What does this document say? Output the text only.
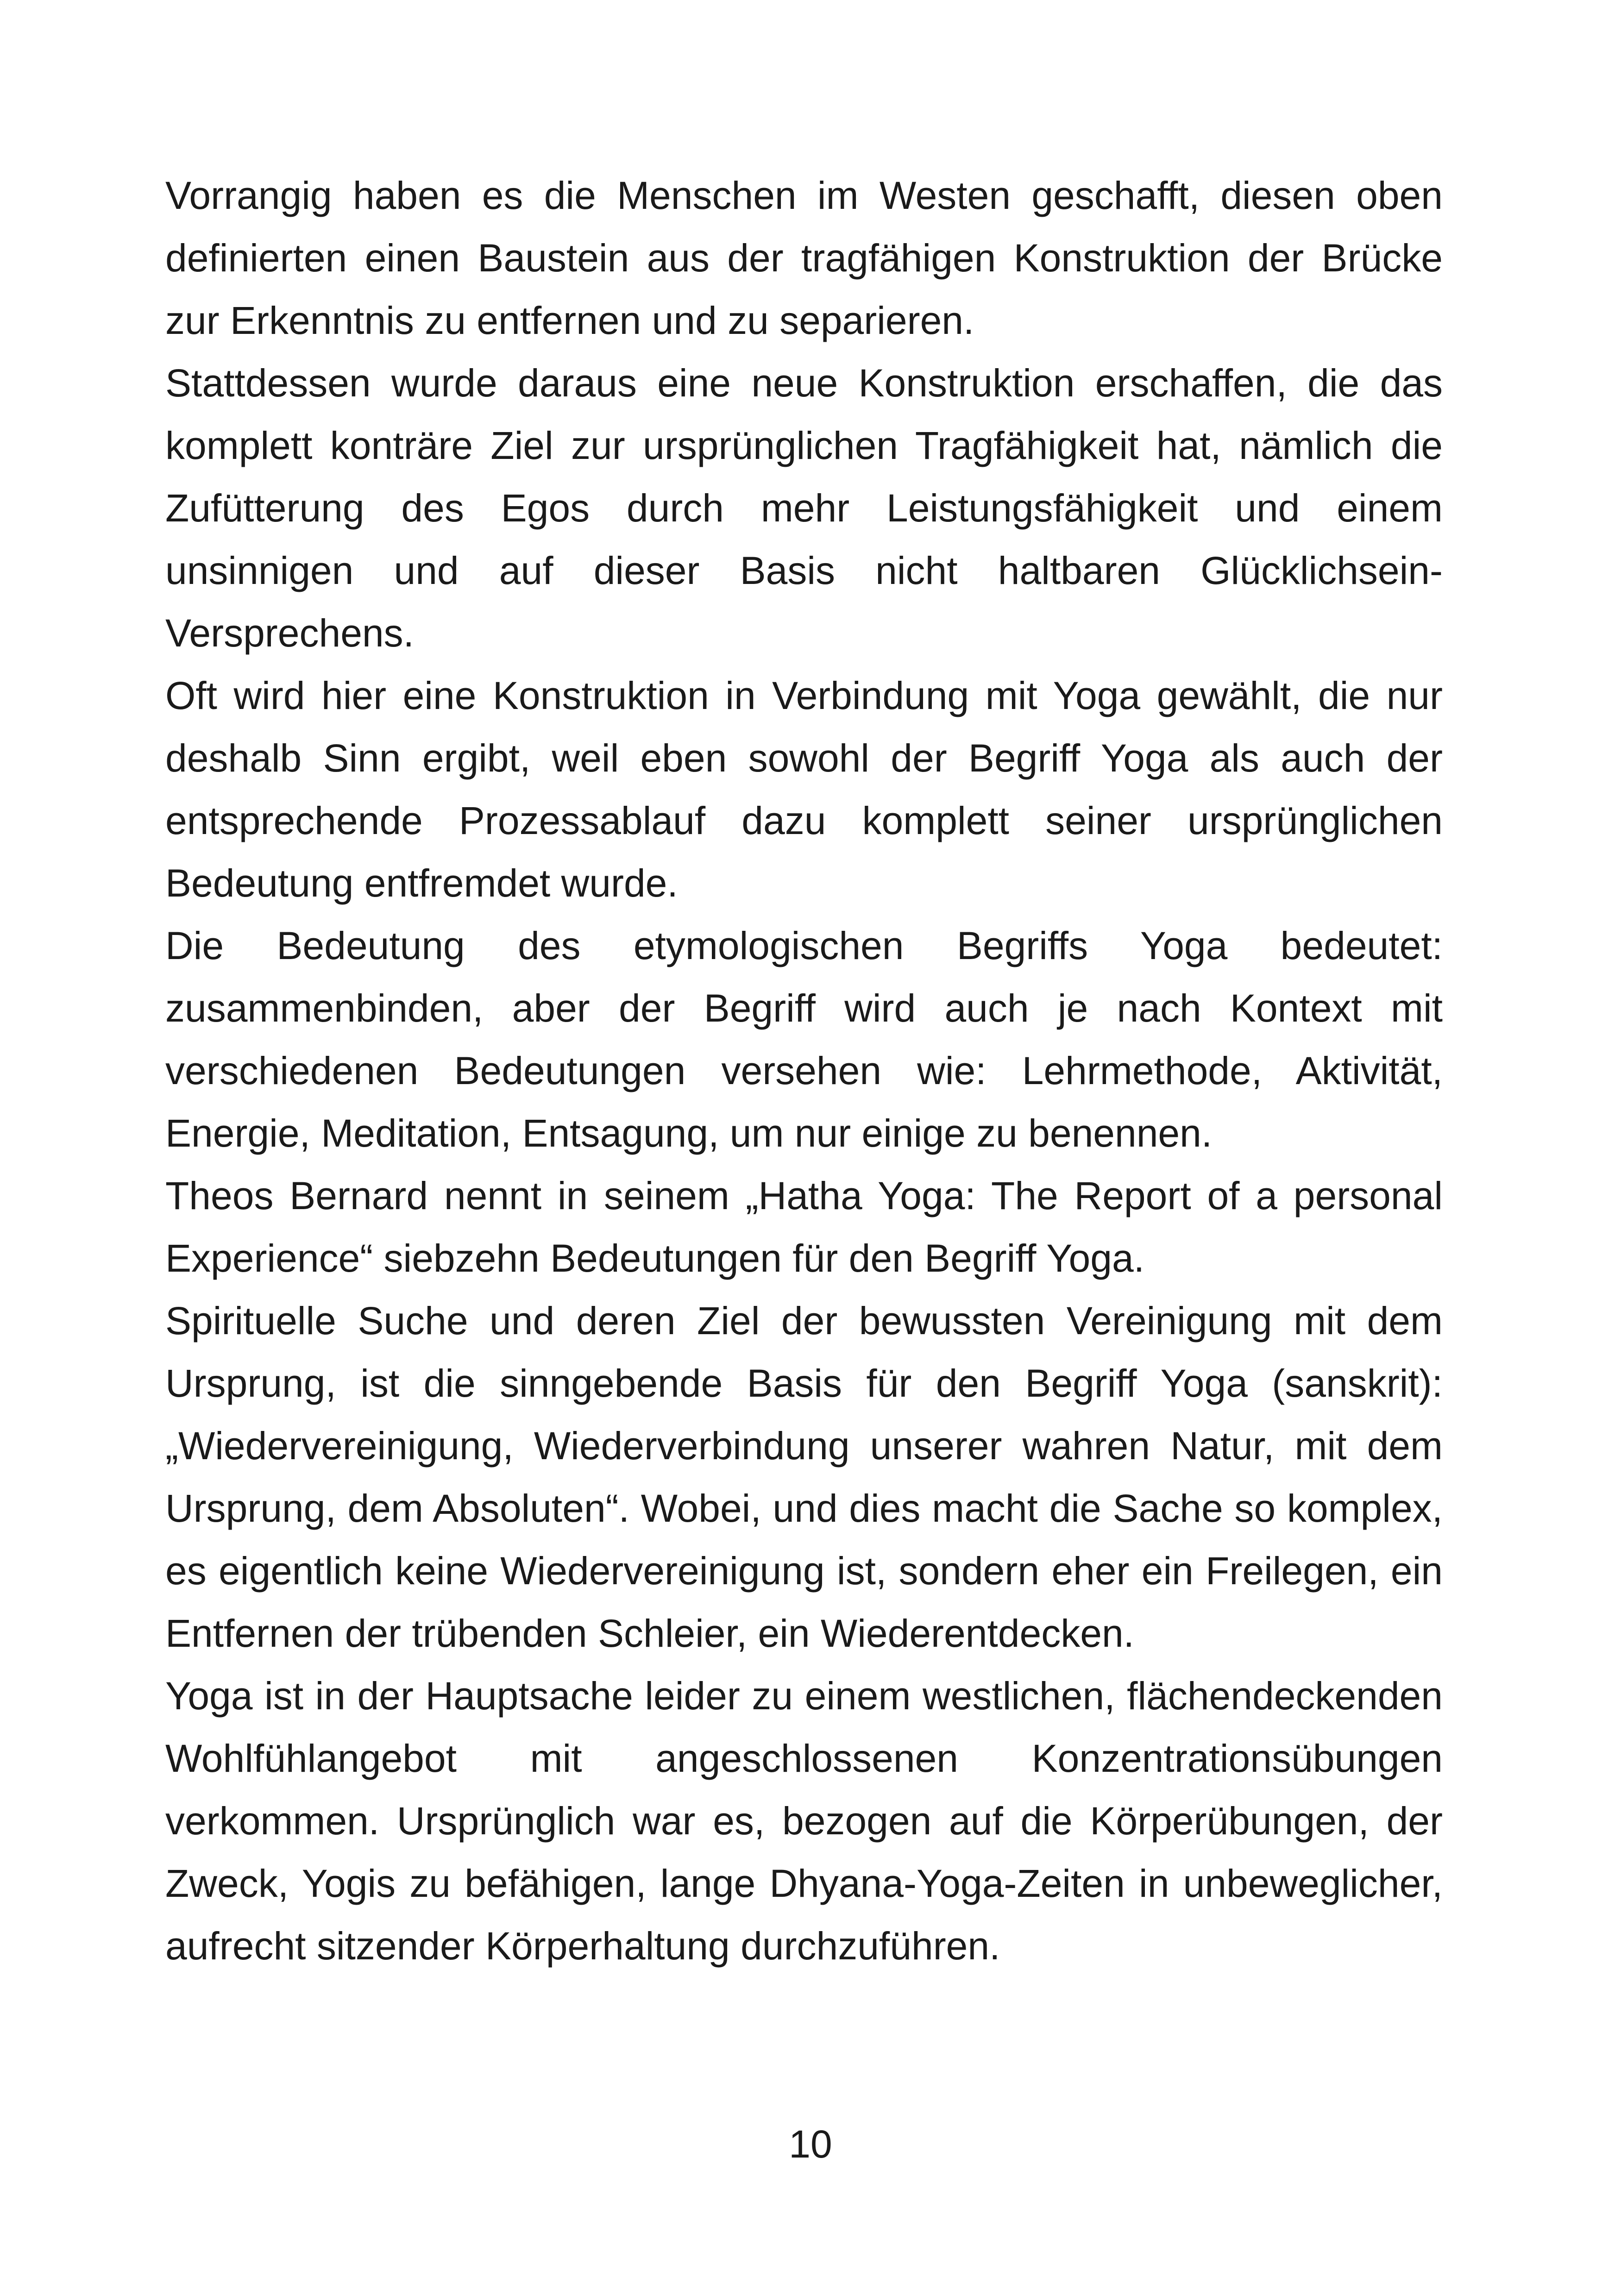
Vorrangig haben es die Menschen im Westen geschafft, diesen oben definierten einen Baustein aus der tragfähigen Konstruktion der Brücke zur Erkenntnis zu entfernen und zu separieren.

Stattdessen wurde daraus eine neue Konstruktion erschaffen, die das komplett konträre Ziel zur ursprünglichen Tragfähigkeit hat, nämlich die Zufütterung des Egos durch mehr Leistungsfähigkeit und einem unsinnigen und auf dieser Basis nicht haltbaren Glücklichsein-Versprechens.

Oft wird hier eine Konstruktion in Verbindung mit Yoga gewählt, die nur deshalb Sinn ergibt, weil eben sowohl der Begriff Yoga als auch der entsprechende Prozessablauf dazu komplett seiner ursprünglichen Bedeutung entfremdet wurde.

Die Bedeutung des etymologischen Begriffs Yoga bedeutet: zusammenbinden, aber der Begriff wird auch je nach Kontext mit verschiedenen Bedeutungen versehen wie: Lehrmethode, Aktivität, Energie, Meditation, Entsagung, um nur einige zu benennen.

Theos Bernard nennt in seinem „Hatha Yoga: The Report of a personal Experience“ siebzehn Bedeutungen für den Begriff Yoga.

Spirituelle Suche und deren Ziel der bewussten Vereinigung mit dem Ursprung, ist die sinngebende Basis für den Begriff Yoga (sanskrit): „Wiedervereinigung, Wiederverbindung unserer wahren Natur, mit dem Ursprung, dem Absoluten“. Wobei, und dies macht die Sache so komplex, es eigentlich keine Wiedervereinigung ist, sondern eher ein Freilegen, ein Entfernen der trübenden Schleier, ein Wiederentdecken.

Yoga ist in der Hauptsache leider zu einem westlichen, flächendeckenden Wohlfühlangebot mit angeschlossenen Konzentrationsübungen verkommen. Ursprünglich war es, bezogen auf die Körperübungen, der Zweck, Yogis zu befähigen, lange Dhyana-Yoga-Zeiten in unbeweglicher, aufrecht sitzender Körperhaltung durchzuführen.

10
